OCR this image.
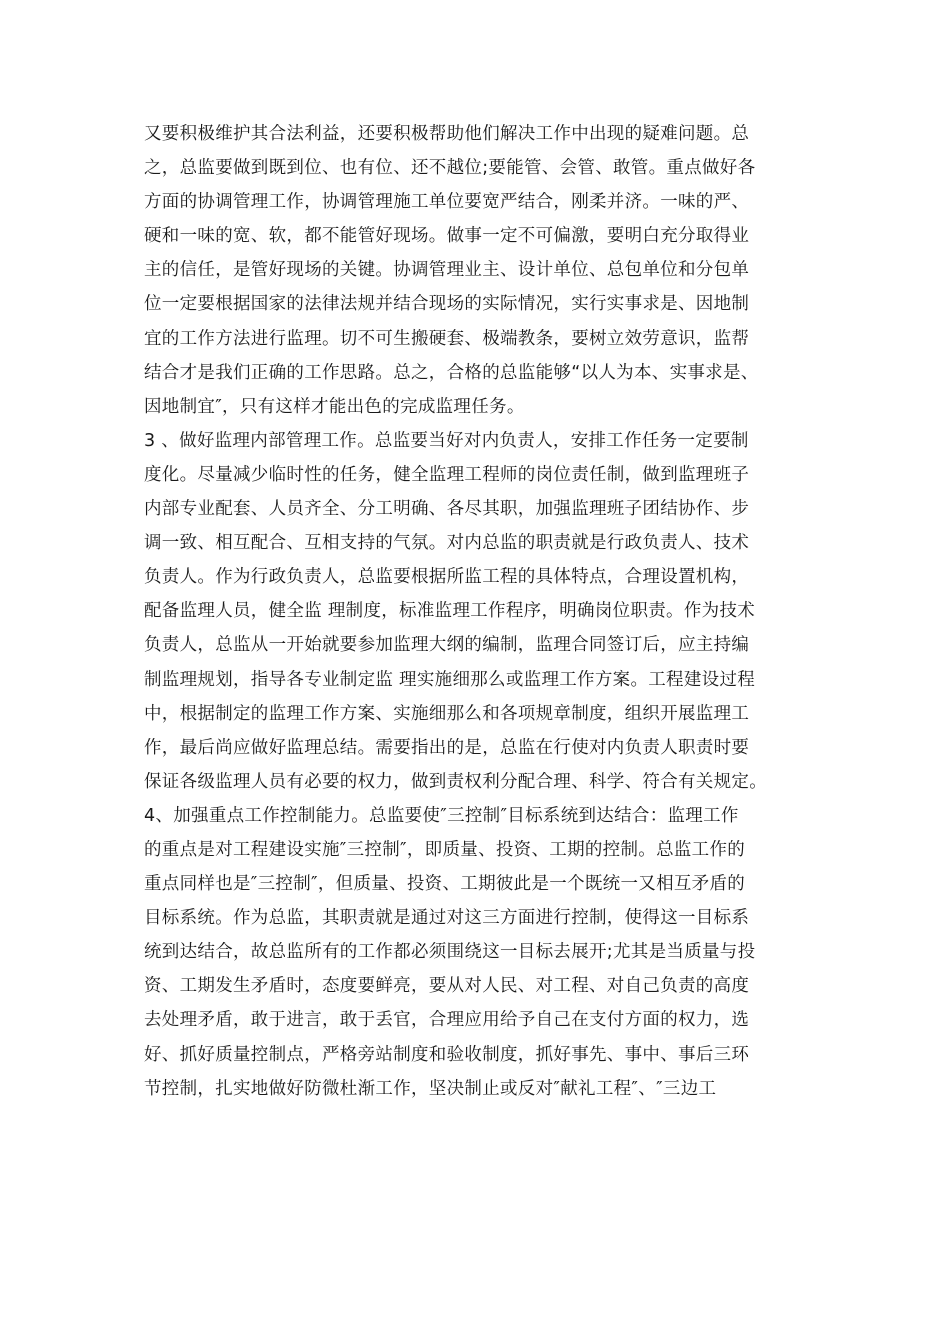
又要积极维护其合法利益，还要积极帮助他们解决工作中出现的疑难问题。总
之，总监要做到既到位、也有位、还不越位;要能管、会管、敢管。重点做好各
方面的协调管理工作，协调管理施工单位要宽严结合，刚柔并济。一味的严、
硬和一味的宽、软，都不能管好现场。做事一定不可偏激，要明白充分取得业
主的信任，是管好现场的关键。协调管理业主、设计单位、总包单位和分包单
位一定要根据国家的法律法规并结合现场的实际情况，实行实事求是、因地制
宜的工作方法进行监理。切不可生搬硬套、极端教条，要树立效劳意识，监帮
结合才是我们正确的工作思路。总之，合格的总监能够“以人为本、实事求是、
因地制宜″，只有这样才能出色的完成监理任务。
3 、做好监理内部管理工作。总监要当好对内负责人，安排工作任务一定要制
度化。尽量减少临时性的任务，健全监理工程师的岗位责任制，做到监理班子
内部专业配套、人员齐全、分工明确、各尽其职，加强监理班子团结协作、步
调一致、相互配合、互相支持的气氛。对内总监的职责就是行政负责人、技术
负责人。作为行政负责人，总监要根据所监工程的具体特点，合理设置机构，
配备监理人员，健全监 理制度，标准监理工作程序，明确岗位职责。作为技术
负责人，总监从一开始就要参加监理大纲的编制，监理合同签订后，应主持编
制监理规划，指导各专业制定监 理实施细那么或监理工作方案。工程建设过程
中，根据制定的监理工作方案、实施细那么和各项规章制度，组织开展监理工
作，最后尚应做好监理总结。需要指出的是，总监在行使对内负责人职责时要
保证各级监理人员有必要的权力，做到责权利分配合理、科学、符合有关规定。
4、加强重点工作控制能力。总监要使″三控制″目标系统到达结合：监理工作
的重点是对工程建设实施″三控制″，即质量、投资、工期的控制。总监工作的
重点同样也是″三控制″，但质量、投资、工期彼此是一个既统一又相互矛盾的
目标系统。作为总监，其职责就是通过对这三方面进行控制，使得这一目标系
统到达结合，故总监所有的工作都必须围绕这一目标去展开;尤其是当质量与投
资、工期发生矛盾时，态度要鲜亮，要从对人民、对工程、对自己负责的高度
去处理矛盾，敢于进言，敢于丢官，合理应用给予自己在支付方面的权力，选
好、抓好质量控制点，严格旁站制度和验收制度，抓好事先、事中、事后三环
节控制，扎实地做好防微杜渐工作，坚决制止或反对″献礼工程″、″三边工
